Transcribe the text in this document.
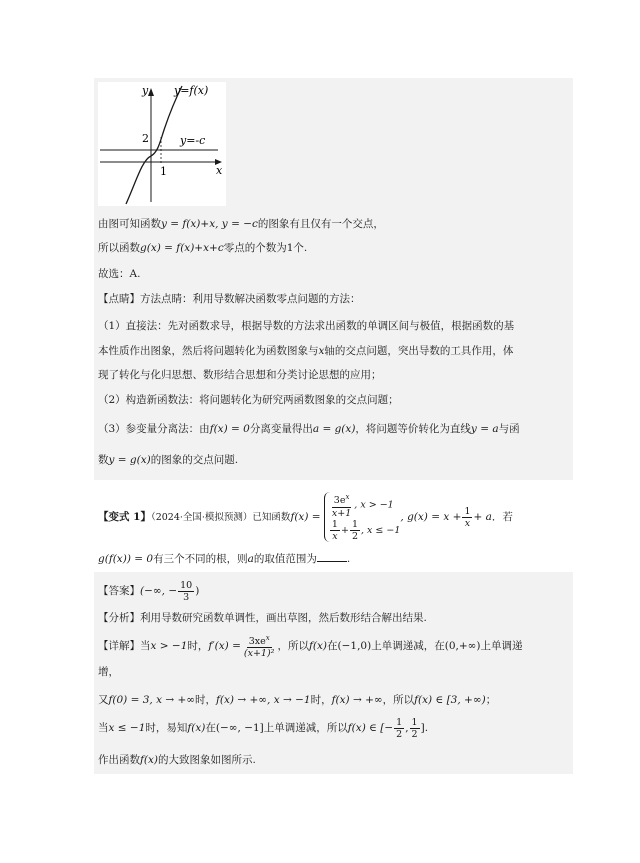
y
x
y=f(x)
y=-c
2
1
由图可知函数y = f(x)+x, y = −c的图象有且仅有一个交点，
所以函数g(x) = f(x)+x+c零点的个数为1个.
故选：A.
【点睛】方法点睛：利用导数解决函数零点问题的方法：
（1）直接法：先对函数求导，根据导数的方法求出函数的单调区间与极值，根据函数的基
本性质作出图象，然后将问题转化为函数图象与x轴的交点问题，突出导数的工具作用，体
现了转化与化归思想、数形结合思想和分类讨论思想的应用；
（2）构造新函数法：将问题转化为研究两函数图象的交点问题；
（3）参变量分离法：由f(x) = 0分离变量得出a = g(x)，将问题等价转化为直线y = a与函
数y = g(x)的图象的交点问题.
【变式 1】（2024·全国·模拟预测）已知函数$f(x) = \frac{3e^x}{x+1}$ , x > −1
$\frac{1}{x} + \frac{1}{2}$ , x ≤ −1
, $g(x) = x + \frac{1}{x} + a$．若
g(f(x)) = 0有三个不同的根，则a的取值范围为	.
【答案】(−∞, − $\frac{10}{3}$ )
【分析】利用导数研究函数单调性，画出草图，然后数形结合解出结果.
【详解】当x > −1时，$f'(x) = \frac{3xe^x}{\text{(x+1)²}}$ ，所以f(x)在(−1,0)上单调递减，在(0,+∞)上单调递
增，
又f(0) = 3, x → +∞时，f(x) → +∞, x → −1时，f(x) → +∞，所以f(x) ∈ [3, +∞)；
当x ≤ −1时，易知f(x)在(−∞, −1]上单调递减，所以f(x) ∈ [− $\frac{1}{2}$ , $\frac{1}{2}$ ].
作出函数f(x)的大致图象如图所示.
